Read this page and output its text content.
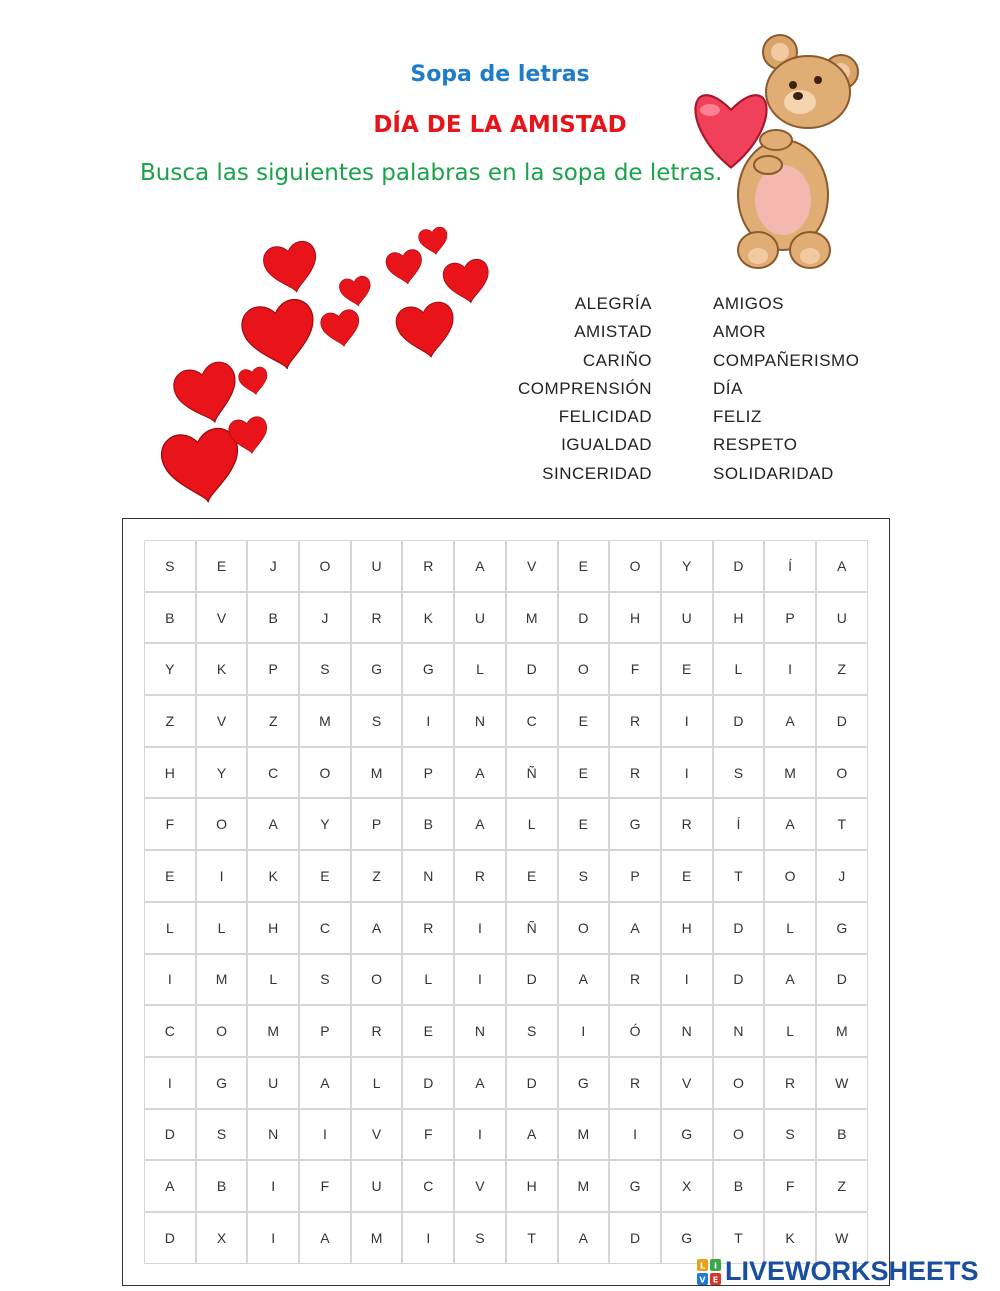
Sopa de letras
DÍA DE LA AMISTAD
Busca las siguientes palabras en la sopa de letras.
ALEGRÍA
AMISTAD
CARIÑO
COMPRENSIÓN
FELICIDAD
IGUALDAD
SINCERIDAD
AMIGOS
AMOR
COMPAÑERISMO
DÍA
FELIZ
RESPETO
SOLIDARIDAD
S	E	J	O	U	R	A	V	E	O	Y	D	Í	A
B	V	B	J	R	K	U	M	D	H	U	H	P	U
Y	K	P	S	G	G	L	D	O	F	E	L	I	Z
Z	V	Z	M	S	I	N	C	E	R	I	D	A	D
H	Y	C	O	M	P	A	Ñ	E	R	I	S	M	O
F	O	A	Y	P	B	A	L	E	G	R	Í	A	T
E	I	K	E	Z	N	R	E	S	P	E	T	O	J
L	L	H	C	A	R	I	Ñ	O	A	H	D	L	G
I	M	L	S	O	L	I	D	A	R	I	D	A	D
C	O	M	P	R	E	N	S	I	Ó	N	N	L	M
I	G	U	A	L	D	A	D	G	R	V	O	R	W
D	S	N	I	V	F	I	A	M	I	G	O	S	B
A	B	I	F	U	C	V	H	M	G	X	B	F	Z
D	X	I	A	M	I	S	T	A	D	G	T	K	W
L I
V E LIVEWORKSHEETS
